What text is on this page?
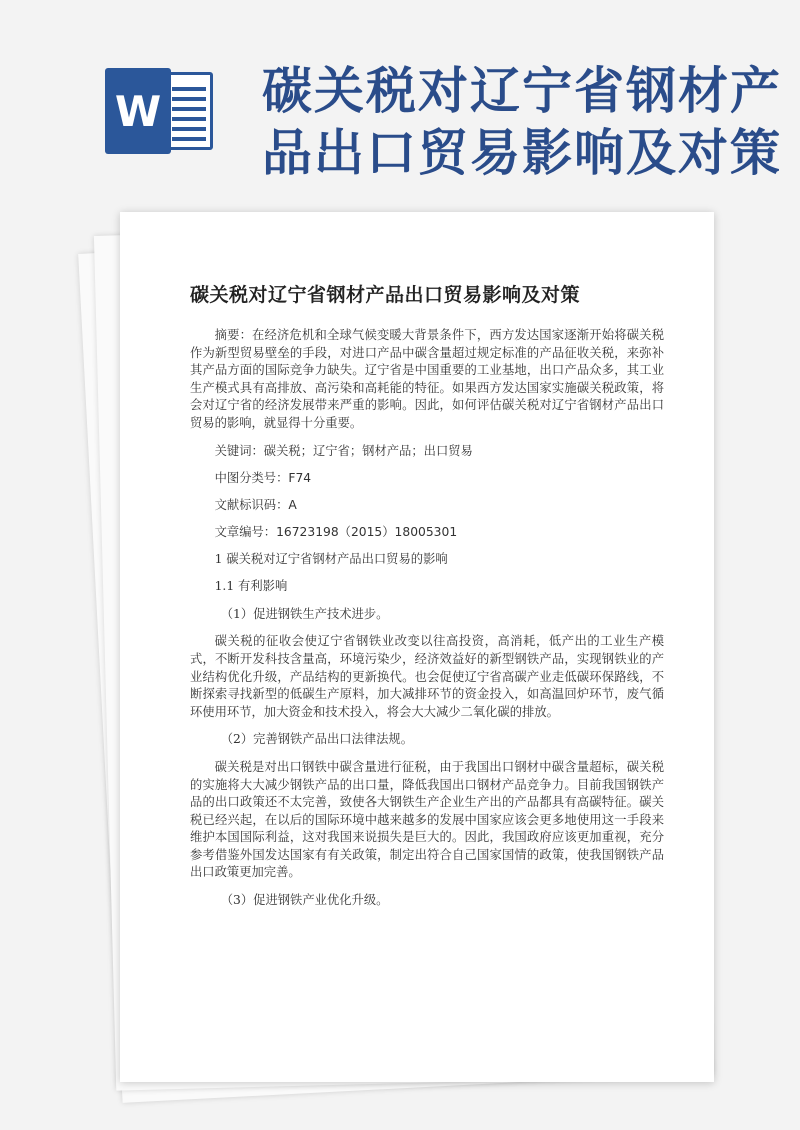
W 碳关税对辽宁省钢材产品出口贸易影响及对策
碳关税对辽宁省钢材产品出口贸易影响及对策

摘要：在经济危机和全球气候变暖大背景条件下，西方发达国家逐渐开始将碳关税作为新型贸易壁垒的手段，对进口产品中碳含量超过规定标准的产品征收关税，来弥补其产品方面的国际竞争力缺失。辽宁省是中国重要的工业基地，出口产品众多，其工业生产模式具有高排放、高污染和高耗能的特征。如果西方发达国家实施碳关税政策，将会对辽宁省的经济发展带来严重的影响。因此，如何评估碳关税对辽宁省钢材产品出口贸易的影响，就显得十分重要。

关键词：碳关税；辽宁省；钢材产品；出口贸易

中图分类号：F74

文献标识码：A

文章编号：16723198（2015）18005301

1 碳关税对辽宁省钢材产品出口贸易的影响

1.1 有利影响

（1）促进钢铁生产技术进步。

碳关税的征收会使辽宁省钢铁业改变以往高投资，高消耗，低产出的工业生产模式，不断开发科技含量高，环境污染少，经济效益好的新型钢铁产品，实现钢铁业的产业结构优化升级，产品结构的更新换代。也会促使辽宁省高碳产业走低碳环保路线，不断探索寻找新型的低碳生产原料，加大减排环节的资金投入，如高温回炉环节，废气循环使用环节，加大资金和技术投入，将会大大减少二氧化碳的排放。

（2）完善钢铁产品出口法律法规。

碳关税是对出口钢铁中碳含量进行征税，由于我国出口钢材中碳含量超标，碳关税的实施将大大减少钢铁产品的出口量，降低我国出口钢材产品竞争力。目前我国钢铁产品的出口政策还不太完善，致使各大钢铁生产企业生产出的产品都具有高碳特征。碳关税已经兴起，在以后的国际环境中越来越多的发展中国家应该会更多地使用这一手段来维护本国国际利益，这对我国来说损失是巨大的。因此，我国政府应该更加重视，充分参考借鉴外国发达国家有有关政策，制定出符合自己国家国情的政策，使我国钢铁产品出口政策更加完善。

（3）促进钢铁产业优化升级。
